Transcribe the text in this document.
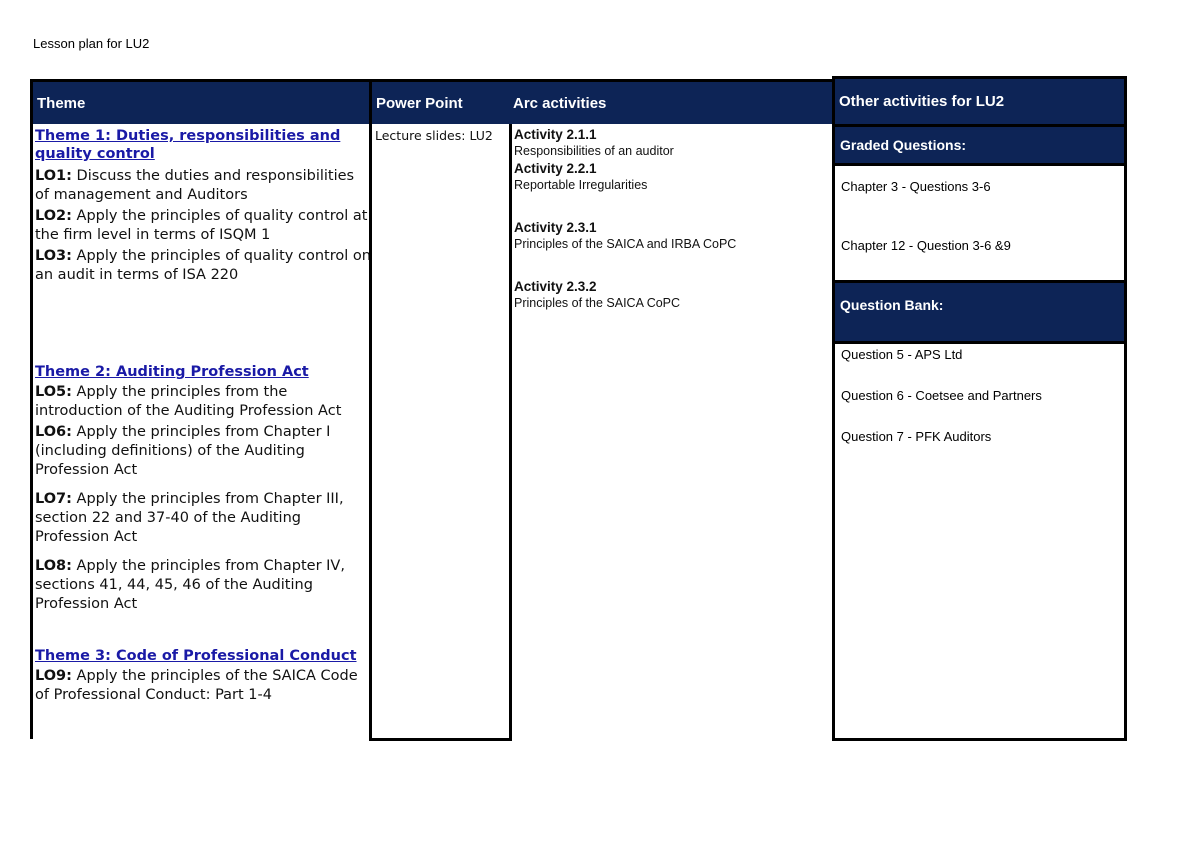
Lesson plan for LU2
Theme
Theme 1: Duties, responsibilities and quality control

LO1: Discuss the duties and responsibilities of management and Auditors

LO2: Apply the principles of quality control at the firm level in terms of ISQM 1

LO3: Apply the principles of quality control on an audit in terms of ISA 220

Theme 2: Auditing Profession Act

LO5: Apply the principles from the introduction of the Auditing Profession Act

LO6: Apply the principles from Chapter I (including definitions) of the Auditing Profession Act

LO7: Apply the principles from Chapter III, section 22 and 37-40 of the Auditing Profession Act

LO8: Apply the principles from Chapter IV, sections 41, 44, 45, 46 of the Auditing Profession Act

Theme 3: Code of Professional Conduct

LO9: Apply the principles of the SAICA Code of Professional Conduct: Part 1-4

Power Point
Lecture slides: LU2
Arc activities
Activity 2.1.1
Responsibilities of an auditor
Activity 2.2.1
Reportable Irregularities
Activity 2.3.1
Principles of the SAICA and IRBA CoPC
Activity 2.3.2
Principles of the SAICA CoPC
Other activities for LU2
Graded Questions:
Chapter 3 - Questions 3-6
Chapter 12 - Question 3-6 &9
Question Bank:
Question 5 - APS Ltd
Question 6 - Coetsee and Partners
Question 7 - PFK Auditors
